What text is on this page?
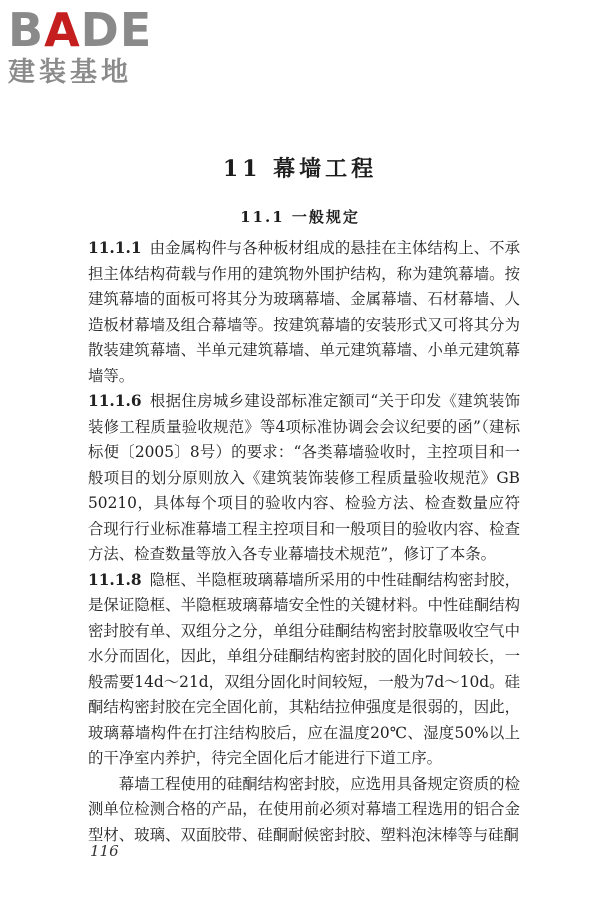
BADE
建装基地
11 幕墙工程
11.1 一般规定

11.1.1 由金属构件与各种板材组成的悬挂在主体结构上、不承担主体结构荷载与作用的建筑物外围护结构，称为建筑幕墙。按建筑幕墙的面板可将其分为玻璃幕墙、金属幕墙、石材幕墙、人造板材幕墙及组合幕墙等。按建筑幕墙的安装形式又可将其分为散装建筑幕墙、半单元建筑幕墙、单元建筑幕墙、小单元建筑幕墙等。

11.1.6 根据住房城乡建设部标准定额司“关于印发《建筑装饰装修工程质量验收规范》等4项标准协调会会议纪要的函”（建标标便〔2005〕8号）的要求：“各类幕墙验收时，主控项目和一般项目的划分原则放入《建筑装饰装修工程质量验收规范》GB 50210，具体每个项目的验收内容、检验方法、检查数量应符合现行行业标准幕墙工程主控项目和一般项目的验收内容、检查方法、检查数量等放入各专业幕墙技术规范”，修订了本条。

11.1.8 隐框、半隐框玻璃幕墙所采用的中性硅酮结构密封胶，是保证隐框、半隐框玻璃幕墙安全性的关键材料。中性硅酮结构密封胶有单、双组分之分，单组分硅酮结构密封胶靠吸收空气中水分而固化，因此，单组分硅酮结构密封胶的固化时间较长，一般需要14d～21d，双组分固化时间较短，一般为7d～10d。硅酮结构密封胶在完全固化前，其粘结拉伸强度是很弱的，因此，玻璃幕墙构件在打注结构胶后，应在温度20℃、湿度50%以上的干净室内养护，待完全固化后才能进行下道工序。

幕墙工程使用的硅酮结构密封胶，应选用具备规定资质的检测单位检测合格的产品，在使用前必须对幕墙工程选用的铝合金型材、玻璃、双面胶带、硅酮耐候密封胶、塑料泡沫棒等与硅酮

116
